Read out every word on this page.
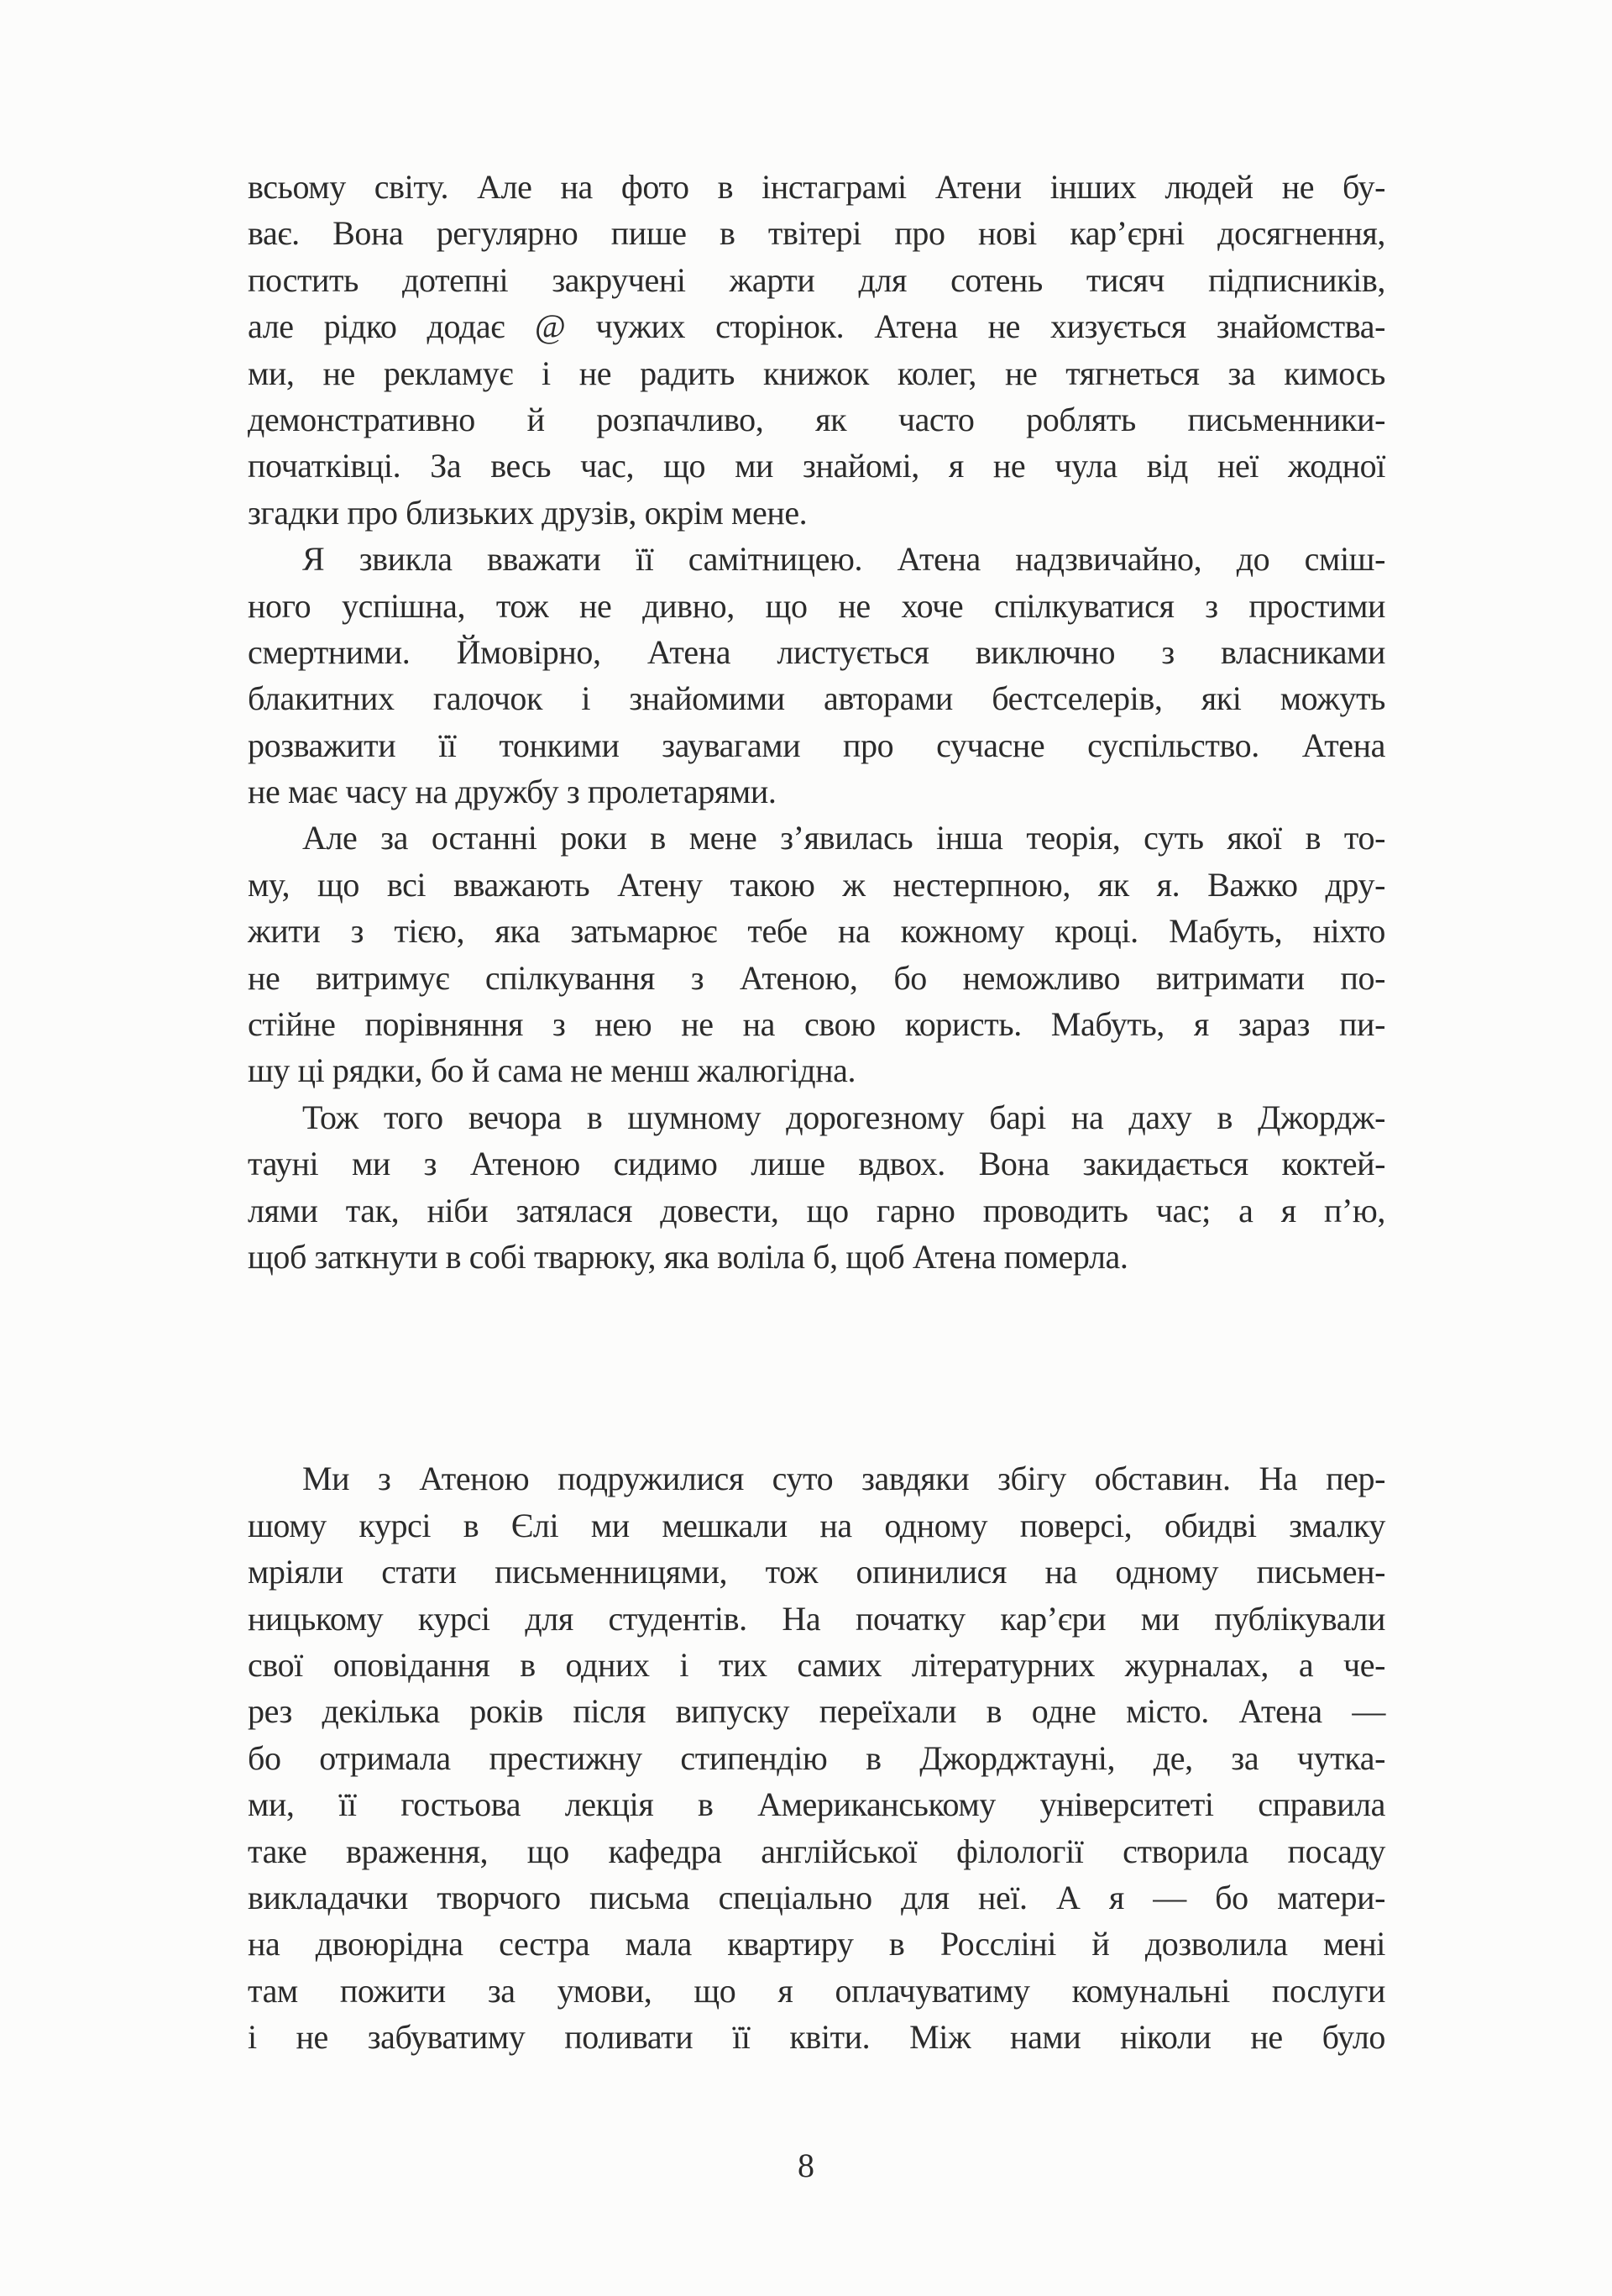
всьому світу. Але на фото в інстаграмі Атени інших людей не бу-
ває. Вона регулярно пише в твітері про нові кар’єрні досягнення,
постить дотепні закручені жарти для сотень тисяч підписників,
але рідко додає @ чужих сторінок. Атена не хизується знайомства-
ми, не рекламує і не радить книжок колег, не тягнеться за кимось
демонстративно й розпачливо, як часто роблять письменники-
початківці. За весь час, що ми знайомі, я не чула від неї жодної
згадки про близьких друзів, окрім мене.
Я звикла вважати її самітницею. Атена надзвичайно, до сміш-
ного успішна, тож не дивно, що не хоче спілкуватися з простими
смертними. Ймовірно, Атена листується виключно з власниками
блакитних галочок і знайомими авторами бестселерів, які можуть
розважити її тонкими заувагами про сучасне суспільство. Атена
не має часу на дружбу з пролетарями.
Але за останні роки в мене з’явилась інша теорія, суть якої в то-
му, що всі вважають Атену такою ж нестерпною, як я. Важко дру-
жити з тією, яка затьмарює тебе на кожному кроці. Мабуть, ніхто
не витримує спілкування з Атеною, бо неможливо витримати по-
стійне порівняння з нею не на свою користь. Мабуть, я зараз пи-
шу ці рядки, бо й сама не менш жалюгідна.
Тож того вечора в шумному дорогезному барі на даху в Джордж-
тауні ми з Атеною сидимо лише вдвох. Вона закидається коктей-
лями так, ніби затялася довести, що гарно проводить час; а я п’ю,
щоб заткнути в собі тварюку, яка воліла б, щоб Атена померла.
Ми з Атеною подружилися суто завдяки збігу обставин. На пер-
шому курсі в Єлі ми мешкали на одному поверсі, обидві змалку
мріяли стати письменницями, тож опинилися на одному письмен-
ницькому курсі для студентів. На початку кар’єри ми публікували
свої оповідання в одних і тих самих літературних журналах, а че-
рез декілька років після випуску переїхали в одне місто. Атена —
бо отримала престижну стипендію в Джорджтауні, де, за чутка-
ми, її гостьова лекція в Американському університеті справила
таке враження, що кафедра англійської філології створила посаду
викладачки творчого письма спеціально для неї. А я — бо матери-
на двоюрідна сестра мала квартиру в Россліні й дозволила мені
там пожити за умови, що я оплачуватиму комунальні послуги
і не забуватиму поливати її квіти. Між нами ніколи не було
8
